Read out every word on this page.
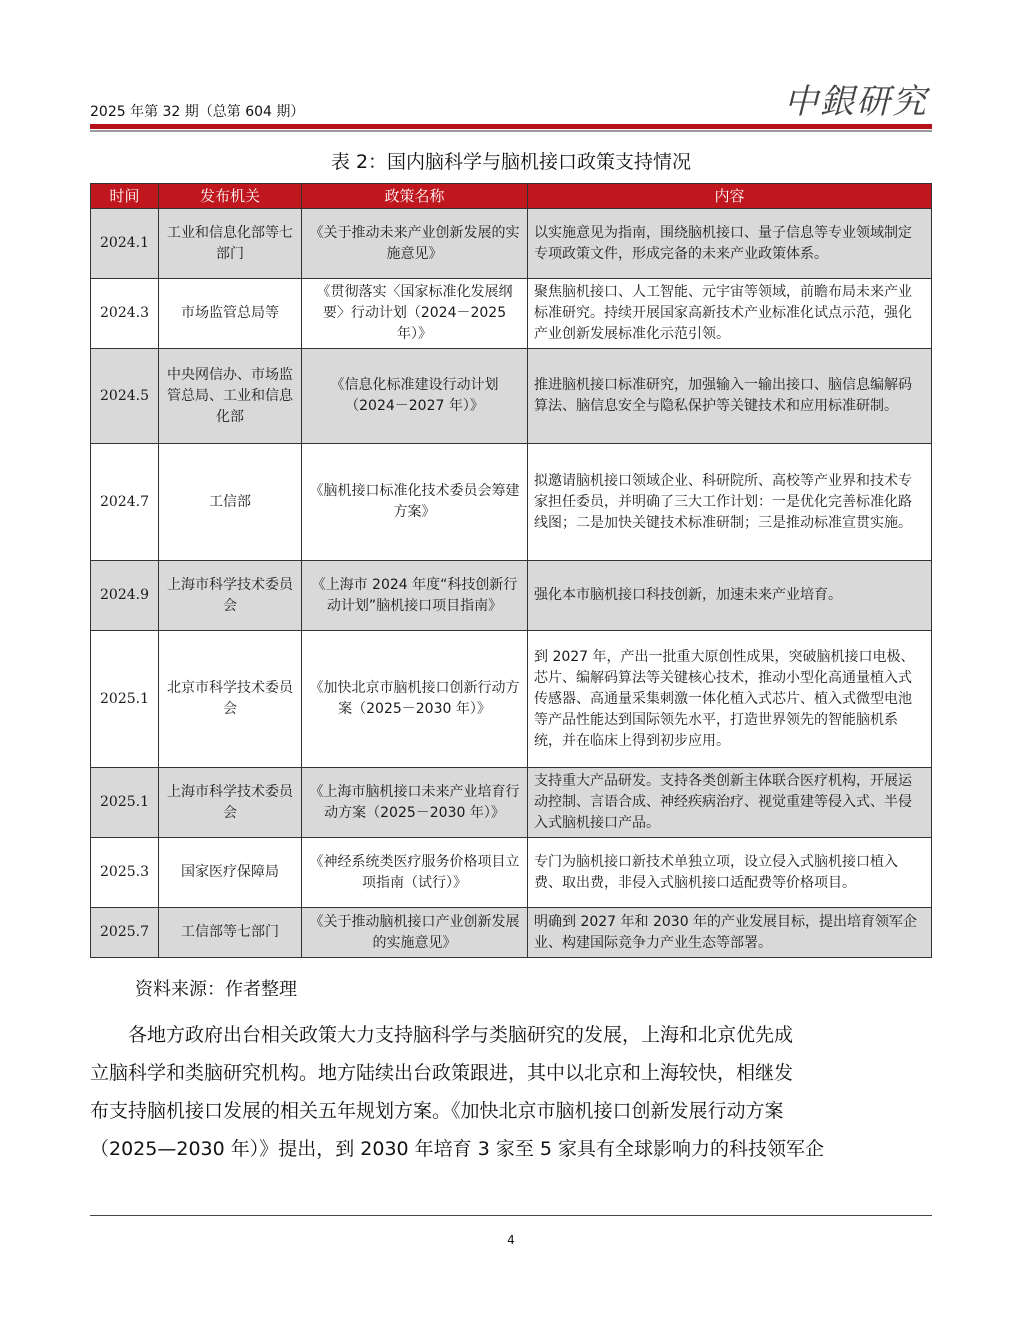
2025 年第 32 期（总第 604 期）	中銀研究
表 2：国内脑科学与脑机接口政策支持情况
时间	发布机关	政策名称	内容
2024.1	工业和信息化部等七部门	《关于推动未来产业创新发展的实施意见》	以实施意见为指南，围绕脑机接口、量子信息等专业领域制定专项政策文件，形成完备的未来产业政策体系。
2024.3	市场监管总局等	《贯彻落实〈国家标准化发展纲要〉行动计划（2024－2025 年）》	聚焦脑机接口、人工智能、元宇宙等领域，前瞻布局未来产业标准研究。持续开展国家高新技术产业标准化试点示范，强化产业创新发展标准化示范引领。
2024.5	中央网信办、市场监管总局、工业和信息化部	《信息化标准建设行动计划（2024－2027 年）》	推进脑机接口标准研究，加强输入一输出接口、脑信息编解码算法、脑信息安全与隐私保护等关键技术和应用标准研制。
2024.7	工信部	《脑机接口标准化技术委员会筹建方案》	拟邀请脑机接口领域企业、科研院所、高校等产业界和技术专家担任委员，并明确了三大工作计划：一是优化完善标准化路线图；二是加快关键技术标准研制；三是推动标准宣贯实施。
2024.9	上海市科学技术委员会	《上海市 2024 年度“科技创新行动计划”脑机接口项目指南》	强化本市脑机接口科技创新，加速未来产业培育。
2025.1	北京市科学技术委员会	《加快北京市脑机接口创新行动方案（2025－2030 年）》	到 2027 年，产出一批重大原创性成果，突破脑机接口电极、芯片、编解码算法等关键核心技术，推动小型化高通量植入式传感器、高通量采集刺激一体化植入式芯片、植入式微型电池等产品性能达到国际领先水平，打造世界领先的智能脑机系统，并在临床上得到初步应用。
2025.1	上海市科学技术委员会	《上海市脑机接口未来产业培育行动方案（2025－2030 年）》	支持重大产品研发。支持各类创新主体联合医疗机构，开展运动控制、言语合成、神经疾病治疗、视觉重建等侵入式、半侵入式脑机接口产品。
2025.3	国家医疗保障局	《神经系统类医疗服务价格项目立项指南（试行）》	专门为脑机接口新技术单独立项，设立侵入式脑机接口植入费、取出费，非侵入式脑机接口适配费等价格项目。
2025.7	工信部等七部门	《关于推动脑机接口产业创新发展的实施意见》	明确到 2027 年和 2030 年的产业发展目标，提出培育领军企业、构建国际竞争力产业生态等部署。
资料来源：作者整理
　　各地方政府出台相关政策大力支持脑科学与类脑研究的发展，上海和北京优先成
立脑科学和类脑研究机构。地方陆续出台政策跟进，其中以北京和上海较快，相继发
布支持脑机接口发展的相关五年规划方案。《加快北京市脑机接口创新发展行动方案
（2025—2030 年）》提出，到 2030 年培育 3 家至 5 家具有全球影响力的科技领军企
4
